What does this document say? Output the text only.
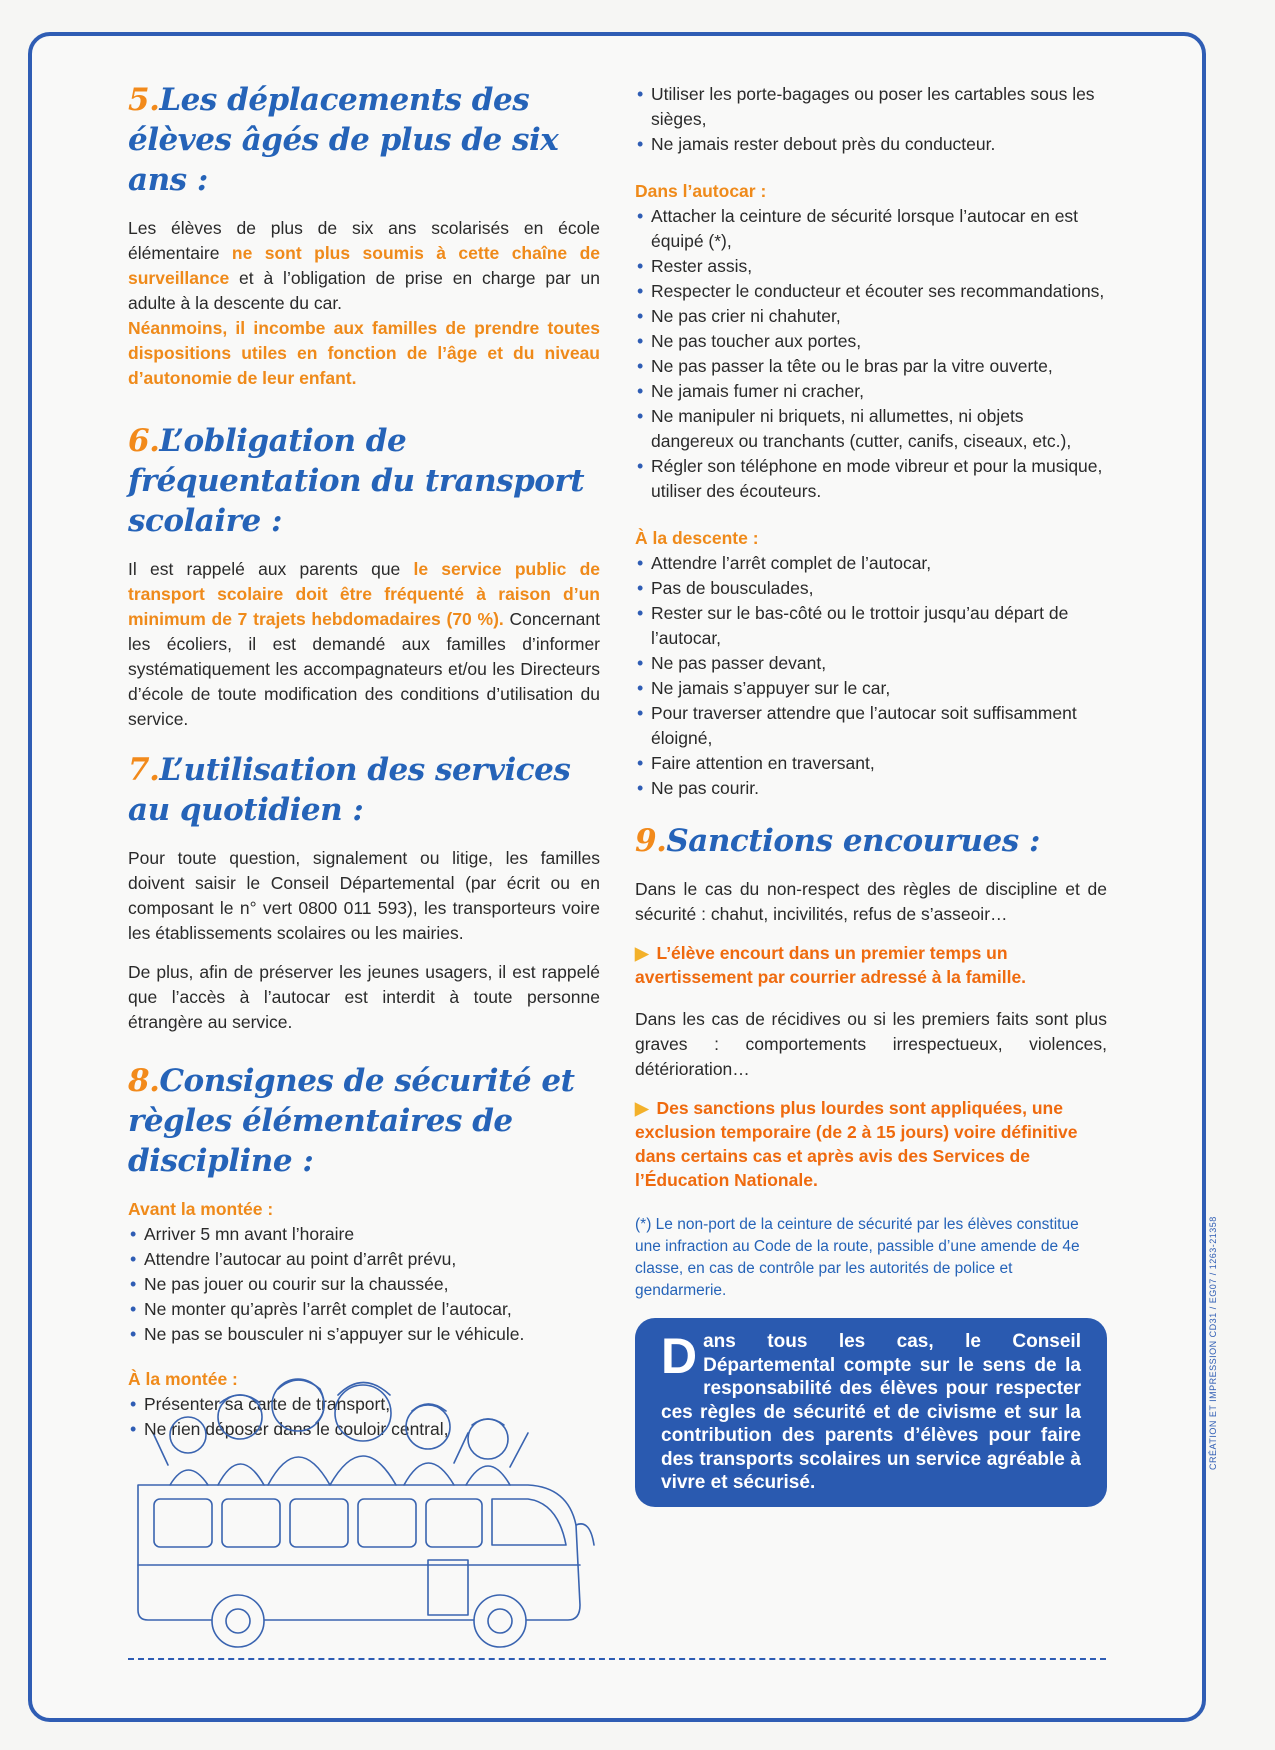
5.Les déplacements des élèves âgés de plus de six ans :

Les élèves de plus de six ans scolarisés en école élémentaire ne sont plus soumis à cette chaîne de surveillance et à l’obligation de prise en charge par un adulte à la descente du car.
Néanmoins, il incombe aux familles de prendre toutes dispositions utiles en fonction de l’âge et du niveau d’autonomie de leur enfant.

6.L’obligation de fréquentation du transport scolaire :

Il est rappelé aux parents que le service public de transport scolaire doit être fréquenté à raison d’un minimum de 7 trajets hebdomadaires (70 %). Concernant les écoliers, il est demandé aux familles d’informer systématiquement les accompagnateurs et/ou les Directeurs d’école de toute modification des conditions d’utilisation du service.

7.L’utilisation des services au quotidien :

Pour toute question, signalement ou litige, les familles doivent saisir le Conseil Départemental (par écrit ou en composant le n° vert 0800 011 593), les transporteurs voire les établissements scolaires ou les mairies.

De plus, afin de préserver les jeunes usagers, il est rappelé que l’accès à l’autocar est interdit à toute personne étrangère au service.

8.Consignes de sécurité et règles élémentaires de discipline :
Avant la montée :
• Arriver 5 mn avant l’horaire
• Attendre l’autocar au point d’arrêt prévu,
• Ne pas jouer ou courir sur la chaussée,
• Ne monter qu’après l’arrêt complet de l’autocar,
• Ne pas se bousculer ni s’appuyer sur le véhicule.
À la montée :
• Présenter sa carte de transport,
• Ne rien déposer dans le couloir central,
• Utiliser les porte-bagages ou poser les cartables sous les sièges,
• Ne jamais rester debout près du conducteur.
Dans l’autocar :
• Attacher la ceinture de sécurité lorsque l’autocar en est équipé (*),
• Rester assis,
• Respecter le conducteur et écouter ses recommandations,
• Ne pas crier ni chahuter,
• Ne pas toucher aux portes,
• Ne pas passer la tête ou le bras par la vitre ouverte,
• Ne jamais fumer ni cracher,
• Ne manipuler ni briquets, ni allumettes, ni objets dangereux ou tranchants (cutter, canifs, ciseaux, etc.),
• Régler son téléphone en mode vibreur et pour la musique, utiliser des écouteurs.
À la descente :
• Attendre l’arrêt complet de l’autocar,
• Pas de bousculades,
• Rester sur le bas-côté ou le trottoir jusqu’au départ de l’autocar,
• Ne pas passer devant,
• Ne jamais s’appuyer sur le car,
• Pour traverser attendre que l’autocar soit suffisamment éloigné,
• Faire attention en traversant,
• Ne pas courir.
9.Sanctions encourues :

Dans le cas du non-respect des règles de discipline et de sécurité : chahut, incivilités, refus de s’asseoir…

▶ L’élève encourt dans un premier temps un avertissement par courrier adressé à la famille.

Dans les cas de récidives ou si les premiers faits sont plus graves : comportements irrespectueux, violences, détérioration…

▶ Des sanctions plus lourdes sont appliquées, une exclusion temporaire (de 2 à 15 jours) voire définitive dans certains cas et après avis des Services de l’Éducation Nationale.

(*) Le non-port de la ceinture de sécurité par les élèves constitue une infraction au Code de la route, passible d’une amende de 4e classe, en cas de contrôle par les autorités de police et gendarmerie.

Dans tous les cas, le Conseil Départemental compte sur le sens de la responsabilité des élèves pour respecter ces règles de sécurité et de civisme et sur la contribution des parents d’élèves pour faire des transports scolaires un service agréable à vivre et sécurisé.
CRÉATION ET IMPRESSION CD31 / EG07 / 1263-21358
